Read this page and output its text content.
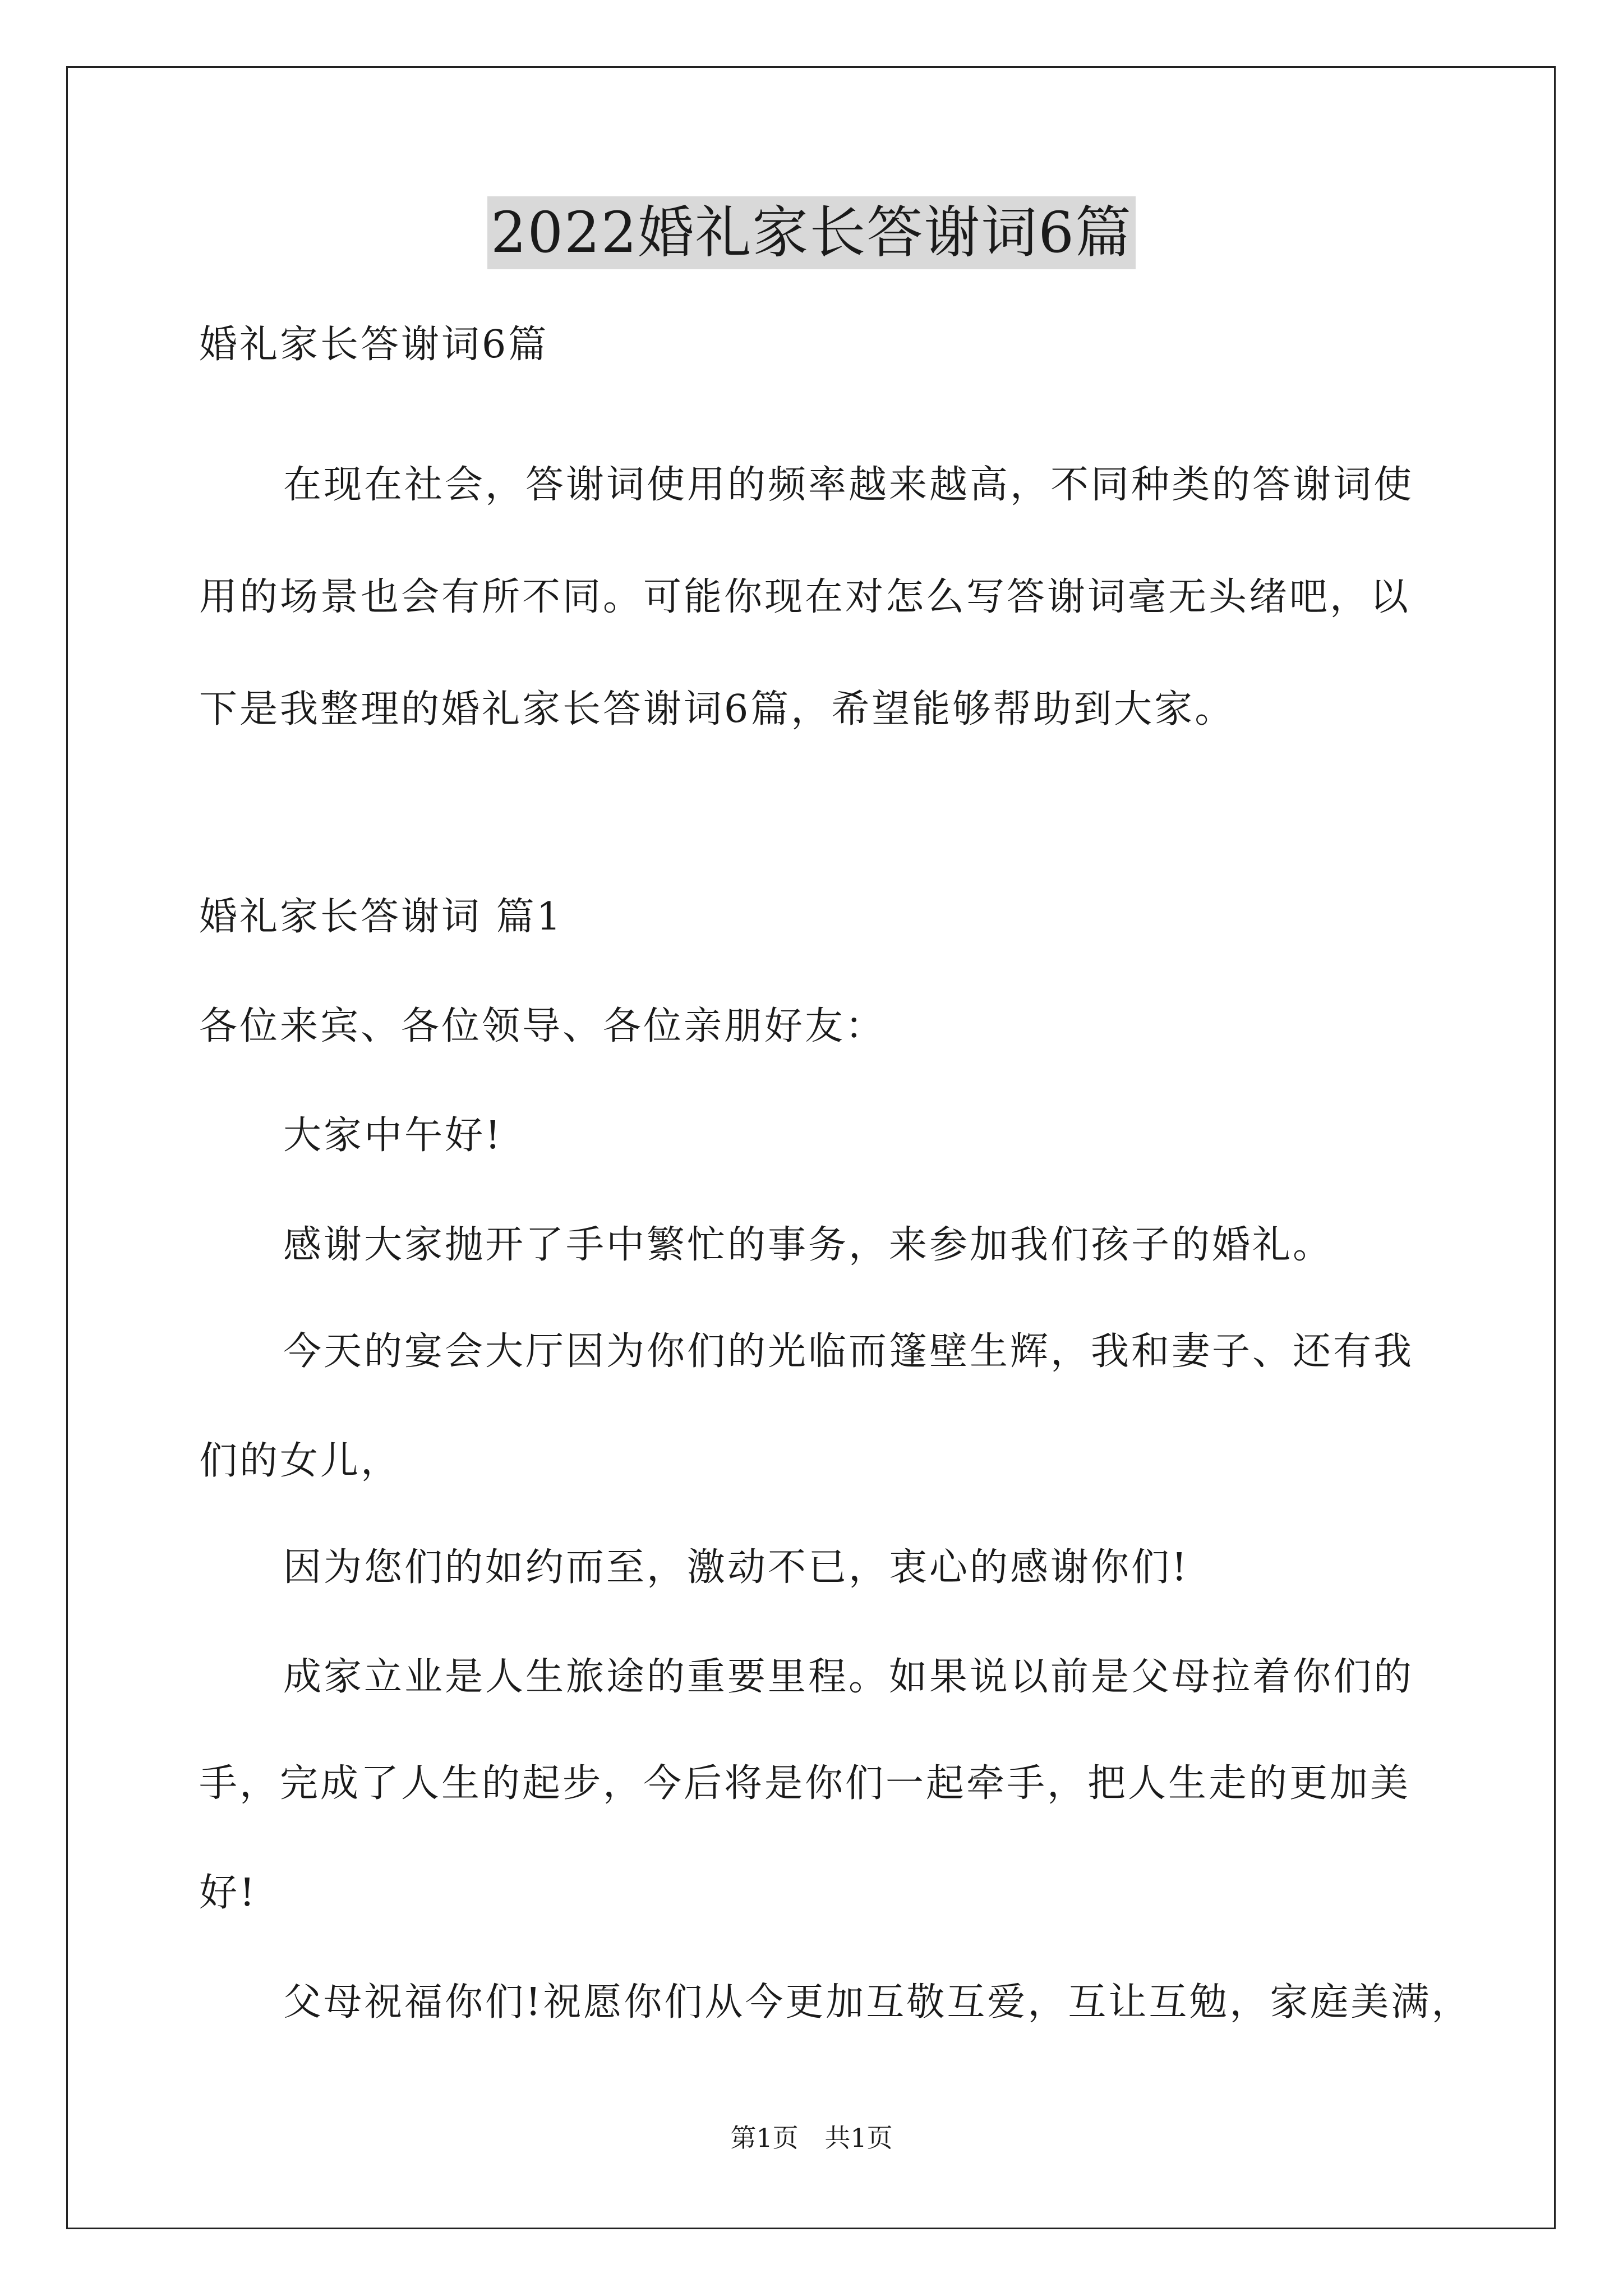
2022婚礼家长答谢词6篇

婚礼家长答谢词6篇

在现在社会，答谢词使用的频率越来越高，不同种类的答谢词使

用的场景也会有所不同。可能你现在对怎么写答谢词毫无头绪吧，以

下是我整理的婚礼家长答谢词6篇，希望能够帮助到大家。

婚礼家长答谢词 篇1

各位来宾、各位领导、各位亲朋好友：

大家中午好!

感谢大家抛开了手中繁忙的事务，来参加我们孩子的婚礼。

今天的宴会大厅因为你们的光临而篷壁生辉，我和妻子、还有我

们的女儿，

因为您们的如约而至，激动不已，衷心的感谢你们!

成家立业是人生旅途的重要里程。如果说以前是父母拉着你们的

手，完成了人生的起步，今后将是你们一起牵手，把人生走的更加美

好!

父母祝福你们!祝愿你们从今更加互敬互爱，互让互勉，家庭美满，

第1页 共1页
